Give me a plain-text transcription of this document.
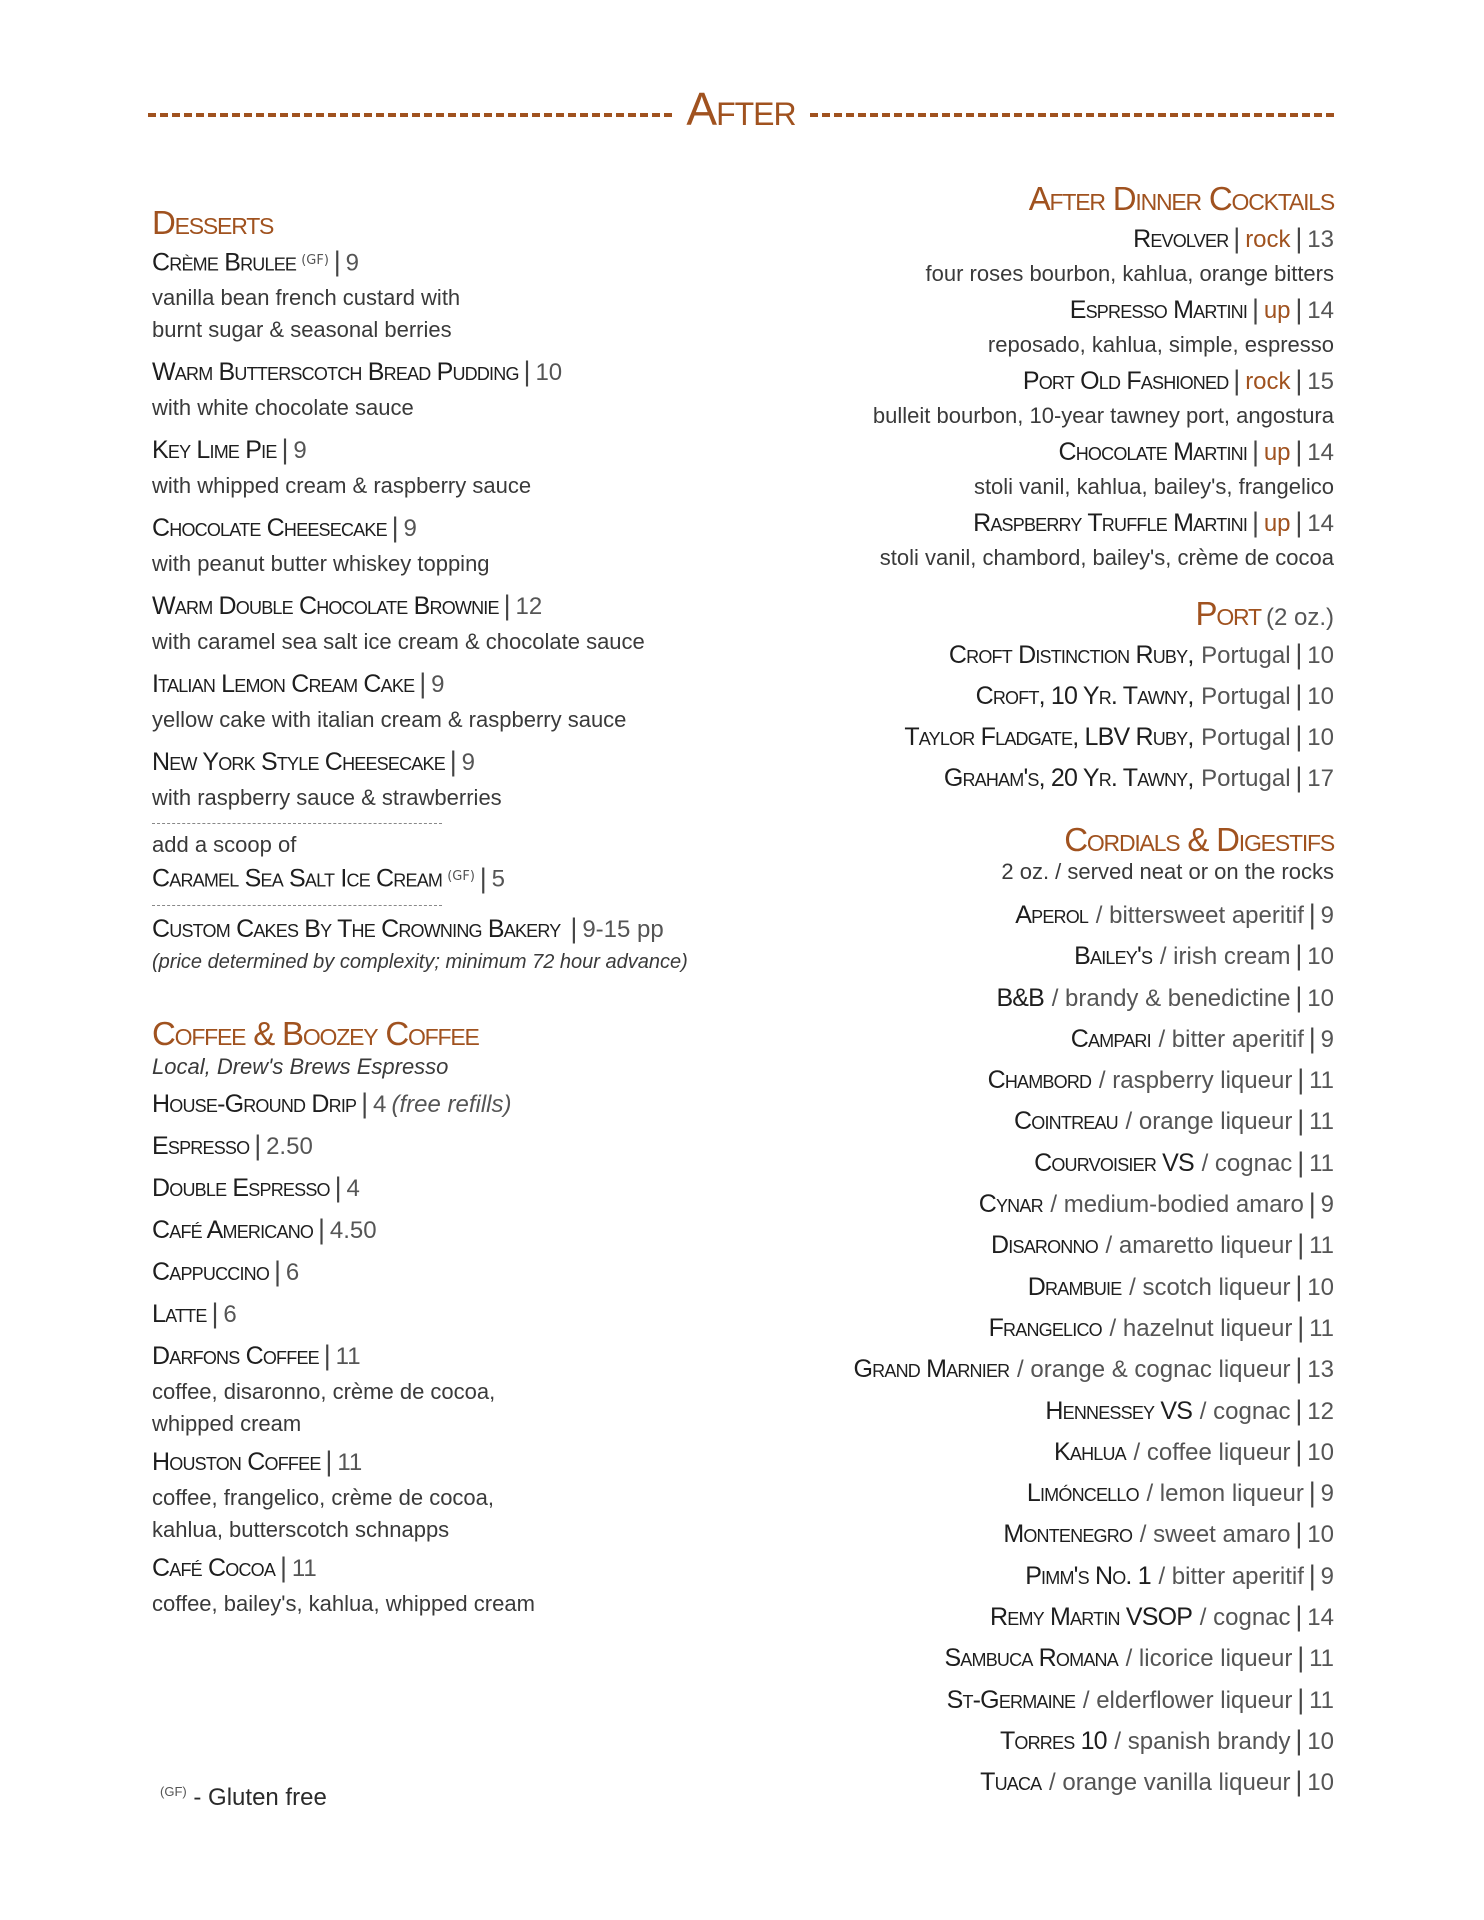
After
Desserts
Crème Brulee $^{(GF)}$ | 9
vanilla bean french custard with
burnt sugar & seasonal berries
Warm Butterscotch Bread Pudding | 10
with white chocolate sauce
Key Lime Pie | 9
with whipped cream & raspberry sauce
Chocolate Cheesecake | 9
with peanut butter whiskey topping
Warm Double Chocolate Brownie | 12
with caramel sea salt ice cream & chocolate sauce
Italian Lemon Cream Cake | 9
yellow cake with italian cream & raspberry sauce
New York Style Cheesecake | 9
with raspberry sauce & strawberries
add a scoop of
Caramel Sea Salt Ice Cream $^{(GF)}$ | 5
Custom Cakes By The Crowning Bakery | 9-15 pp
(price determined by complexity; minimum 72 hour advance)
Coffee & Boozey Coffee
Local, Drew's Brews Espresso
House-Ground Drip | 4 (free refills)
Espresso | 2.50
Double Espresso | 4
Café Americano | 4.50
Cappuccino | 6
Latte | 6
Darfons Coffee | 11
coffee, disaronno, crème de cocoa,
whipped cream
Houston Coffee | 11
coffee, frangelico, crème de cocoa,
kahlua, butterscotch schnapps
Café Cocoa | 11
coffee, bailey's, kahlua, whipped cream
After Dinner Cocktails
Revolver | rock | 13
four roses bourbon, kahlua, orange bitters
Espresso Martini | up | 14
reposado, kahlua, simple, espresso
Port Old Fashioned | rock | 15
bulleit bourbon, 10-year tawney port, angostura
Chocolate Martini | up | 14
stoli vanil, kahlua, bailey's, frangelico
Raspberry Truffle Martini | up | 14
stoli vanil, chambord, bailey's, crème de cocoa
Port (2 oz.)
Croft Distinction Ruby, Portugal | 10
Croft, 10 Yr. Tawny, Portugal | 10
Taylor Fladgate, LBV Ruby, Portugal | 10
Graham's, 20 Yr. Tawny, Portugal | 17
Cordials & Digestifs
2 oz. / served neat or on the rocks
Aperol / bittersweet aperitif | 9
Bailey's / irish cream | 10
B&B / brandy & benedictine | 10
Campari / bitter aperitif | 9
Chambord / raspberry liqueur | 11
Cointreau / orange liqueur | 11
Courvoisier VS / cognac | 11
Cynar / medium-bodied amaro | 9
Disaronno / amaretto liqueur | 11
Drambuie / scotch liqueur | 10
Frangelico / hazelnut liqueur | 11
Grand Marnier / orange & cognac liqueur | 13
Hennessey VS / cognac | 12
Kahlua / coffee liqueur | 10
Limóncello / lemon liqueur | 9
Montenegro / sweet amaro | 10
Pimm's No. 1 / bitter aperitif | 9
Remy Martin VSOP / cognac | 14
Sambuca Romana / licorice liqueur | 11
St-Germaine / elderflower liqueur | 11
Torres 10 / spanish brandy | 10
Tuaca / orange vanilla liqueur | 10
$^{(GF)}$ - Gluten free
